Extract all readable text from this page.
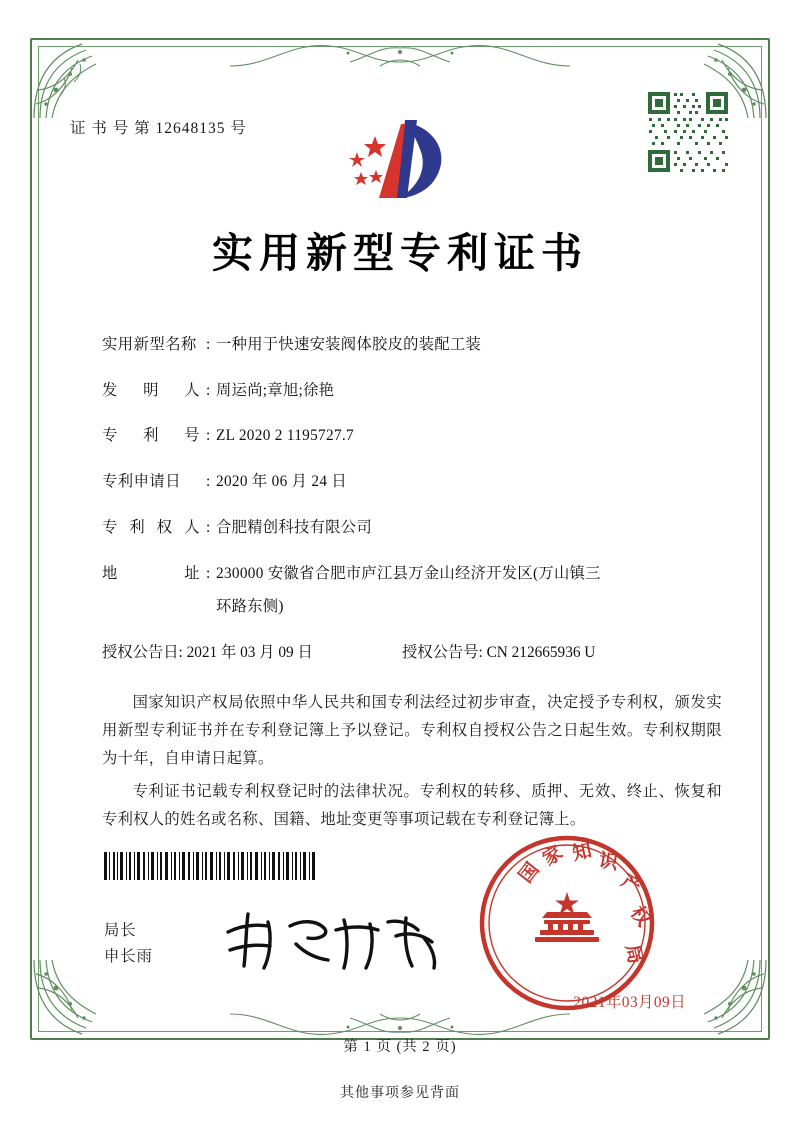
证 书 号 第 12648135 号
实用新型专利证书
实用新型名称 : 一种用于快速安装阀体胶皮的装配工装
发 明 人 : 周运尚;章旭;徐艳
专 利 号 : ZL 2020 2 1195727.7
专利申请日	: 2020 年 06 月 24 日
专 利 权 人 : 合肥精创科技有限公司
地 址 : 230000 安徽省合肥市庐江县万金山经济开发区(万山镇三
环路东侧)
授权公告日: 2021 年 03 月 09 日	授权公告号: CN 212665936 U
国家知识产权局依照中华人民共和国专利法经过初步审查，决定授予专利权，颁发实用新型专利证书并在专利登记簿上予以登记。专利权自授权公告之日起生效。专利权期限为十年，自申请日起算。
专利证书记载专利权登记时的法律状况。专利权的转移、质押、无效、终止、恢复和专利权人的姓名或名称、国籍、地址变更等事项记载在专利登记簿上。
局长
申长雨
国
家 知 识
产
权
局
2021年03月09日
第 1 页 (共 2 页)
其他事项参见背面
